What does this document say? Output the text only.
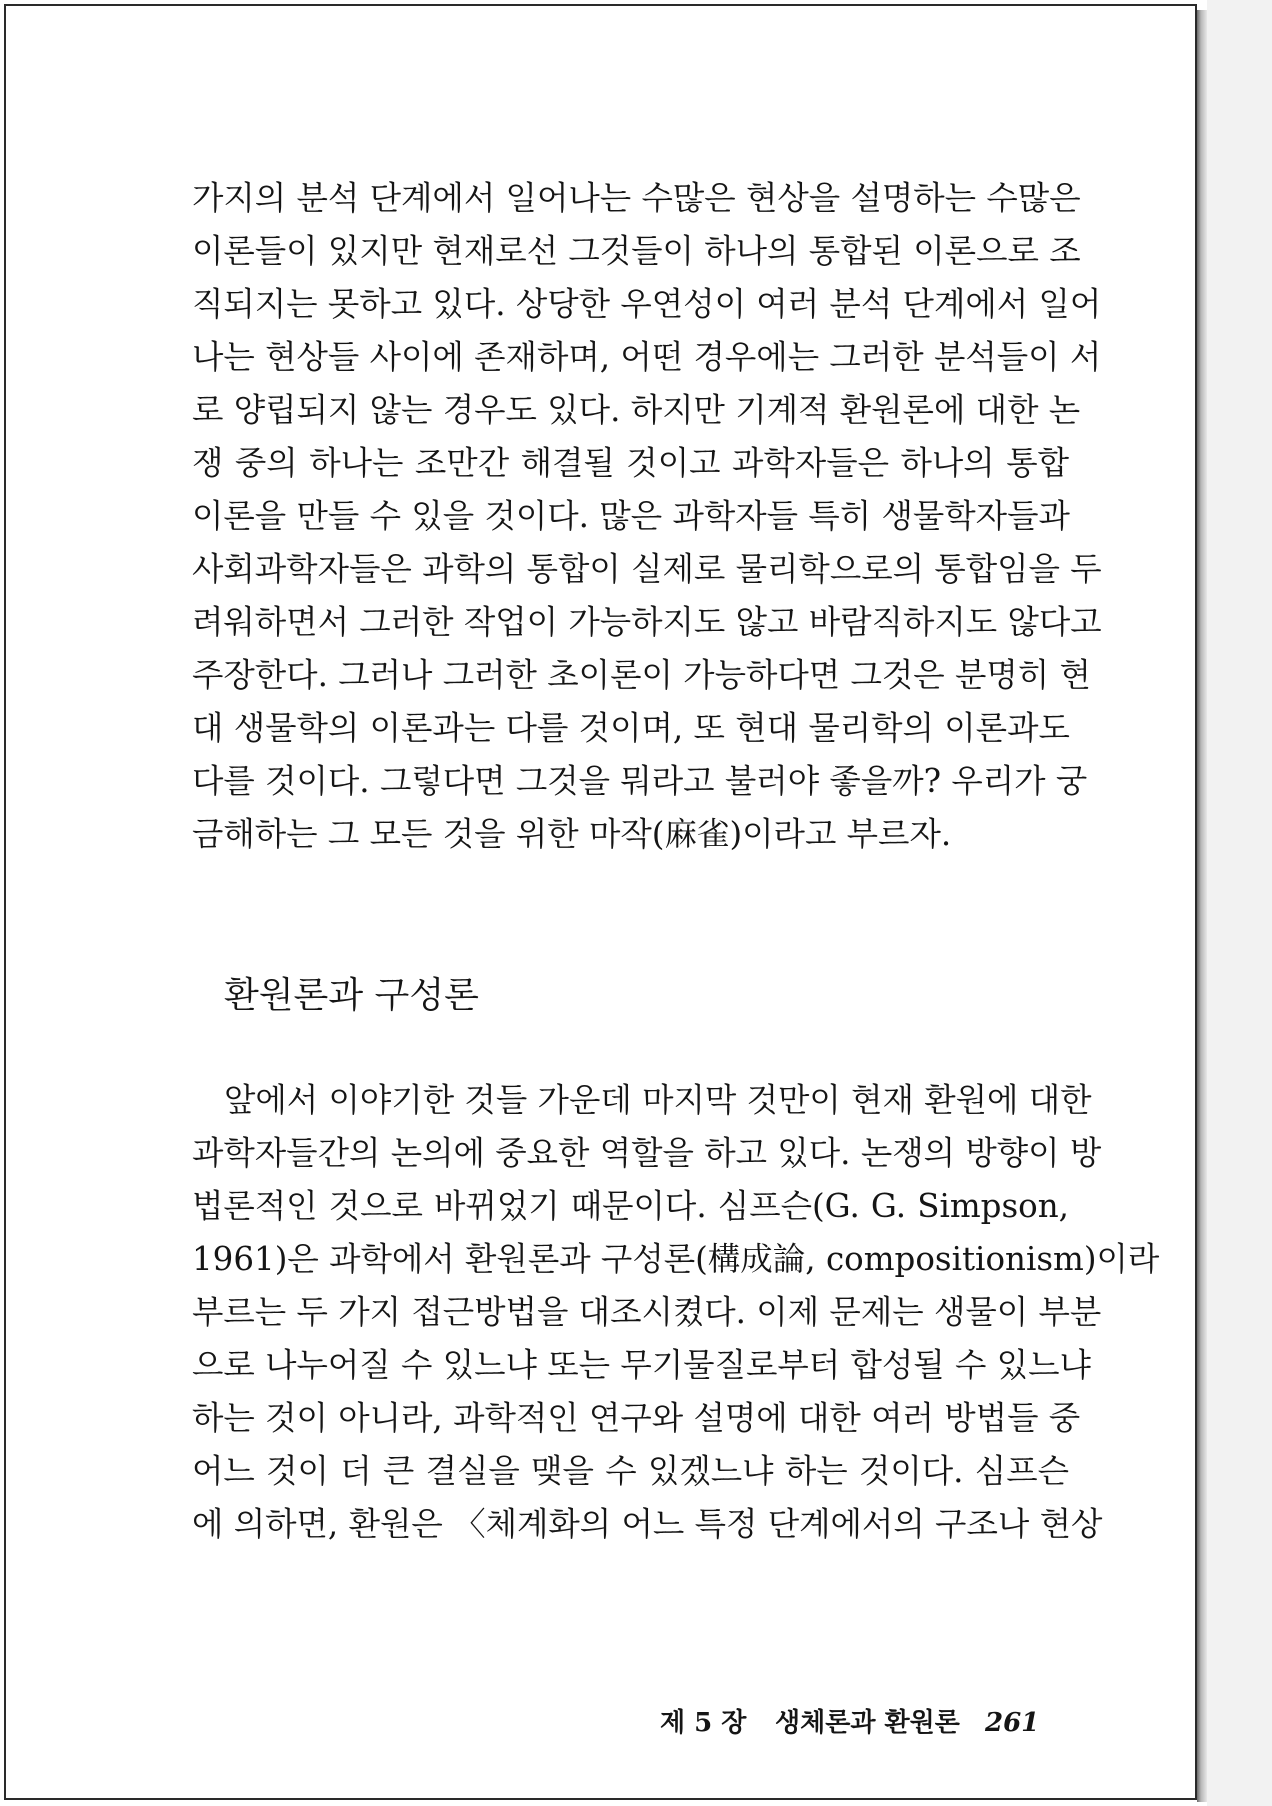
가지의 분석 단계에서 일어나는 수많은 현상을 설명하는 수많은
이론들이 있지만 현재로선 그것들이 하나의 통합된 이론으로 조
직되지는 못하고 있다. 상당한 우연성이 여러 분석 단계에서 일어
나는 현상들 사이에 존재하며, 어떤 경우에는 그러한 분석들이 서
로 양립되지 않는 경우도 있다. 하지만 기계적 환원론에 대한 논
쟁 중의 하나는 조만간 해결될 것이고 과학자들은 하나의 통합
이론을 만들 수 있을 것이다. 많은 과학자들 특히 생물학자들과
사회과학자들은 과학의 통합이 실제로 물리학으로의 통합임을 두
려워하면서 그러한 작업이 가능하지도 않고 바람직하지도 않다고
주장한다. 그러나 그러한 초이론이 가능하다면 그것은 분명히 현
대 생물학의 이론과는 다를 것이며, 또 현대 물리학의 이론과도
다를 것이다. 그렇다면 그것을 뭐라고 불러야 좋을까? 우리가 궁
금해하는 그 모든 것을 위한 마작(麻雀)이라고 부르자.
환원론과 구성론
앞에서 이야기한 것들 가운데 마지막 것만이 현재 환원에 대한
과학자들간의 논의에 중요한 역할을 하고 있다. 논쟁의 방향이 방
법론적인 것으로 바뀌었기 때문이다. 심프슨(G. G. Simpson,
1961)은 과학에서 환원론과 구성론(構成論, compositionism)이라
부르는 두 가지 접근방법을 대조시켰다. 이제 문제는 생물이 부분
으로 나누어질 수 있느냐 또는 무기물질로부터 합성될 수 있느냐
하는 것이 아니라, 과학적인 연구와 설명에 대한 여러 방법들 중
어느 것이 더 큰 결실을 맺을 수 있겠느냐 하는 것이다. 심프슨
에 의하면, 환원은 〈체계화의 어느 특정 단계에서의 구조나 현상
제 5 장 생체론과 환원론 261
